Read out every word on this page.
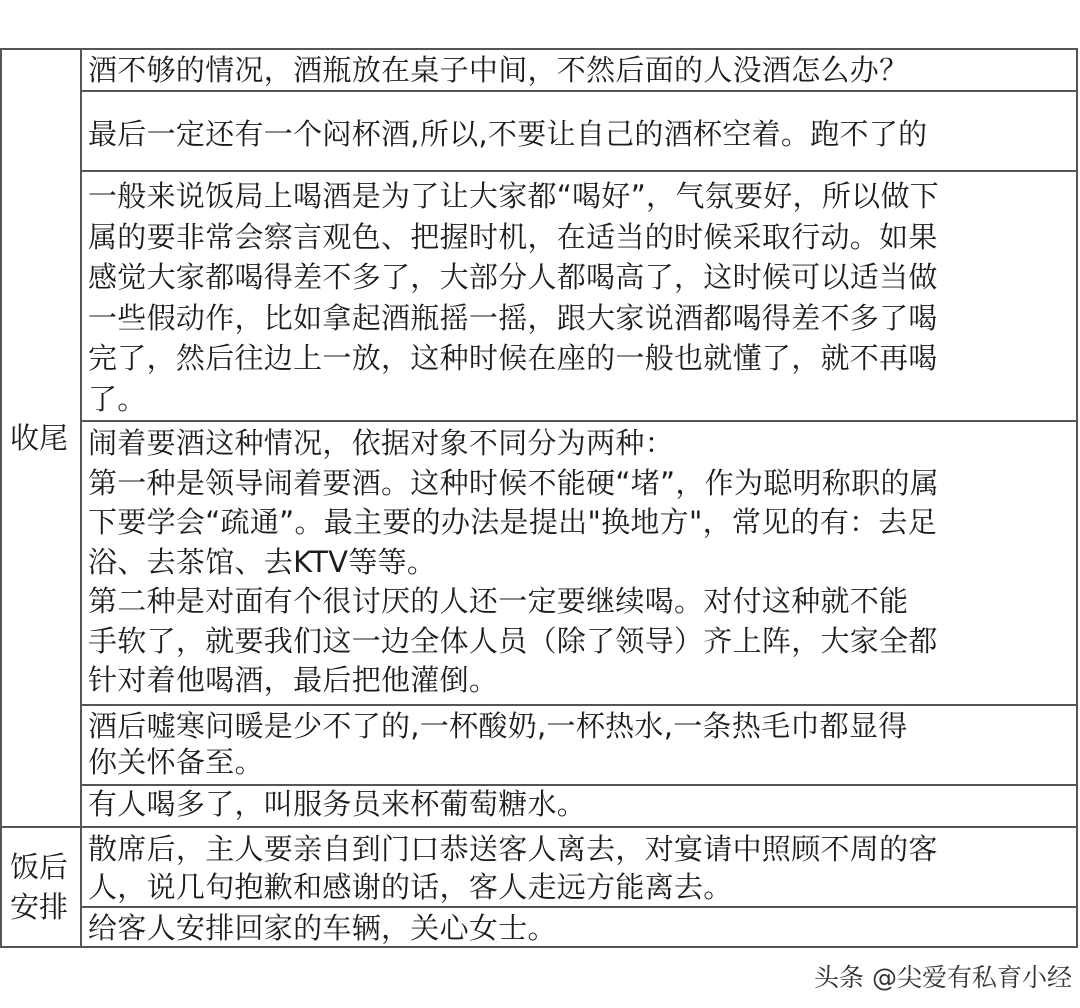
收尾
饭后
安排
酒不够的情况，酒瓶放在桌子中间，不然后面的人没酒怎么办？
最后一定还有一个闷杯酒,所以,不要让自己的酒杯空着。跑不了的
一般来说饭局上喝酒是为了让大家都“喝好”，气氛要好，所以做下
属的要非常会察言观色、把握时机，在适当的时候采取行动。如果
感觉大家都喝得差不多了，大部分人都喝高了，这时候可以适当做
一些假动作，比如拿起酒瓶摇一摇，跟大家说酒都喝得差不多了喝
完了，然后往边上一放，这种时候在座的一般也就懂了，就不再喝
了。
闹着要酒这种情况，依据对象不同分为两种：
第一种是领导闹着要酒。这种时候不能硬“堵”，作为聪明称职的属
下要学会“疏通”。最主要的办法是提出"换地方"，常见的有：去足
浴、去茶馆、去KTV等等。
第二种是对面有个很讨厌的人还一定要继续喝。对付这种就不能
手软了，就要我们这一边全体人员（除了领导）齐上阵，大家全都
针对着他喝酒，最后把他灌倒。
酒后嘘寒问暖是少不了的,一杯酸奶,一杯热水,一条热毛巾都显得
你关怀备至。
有人喝多了，叫服务员来杯葡萄糖水。
散席后，主人要亲自到门口恭送客人离去，对宴请中照顾不周的客
人，说几句抱歉和感谢的话，客人走远方能离去。
给客人安排回家的车辆，关心女士。
头条 @尖爱有私育小经
